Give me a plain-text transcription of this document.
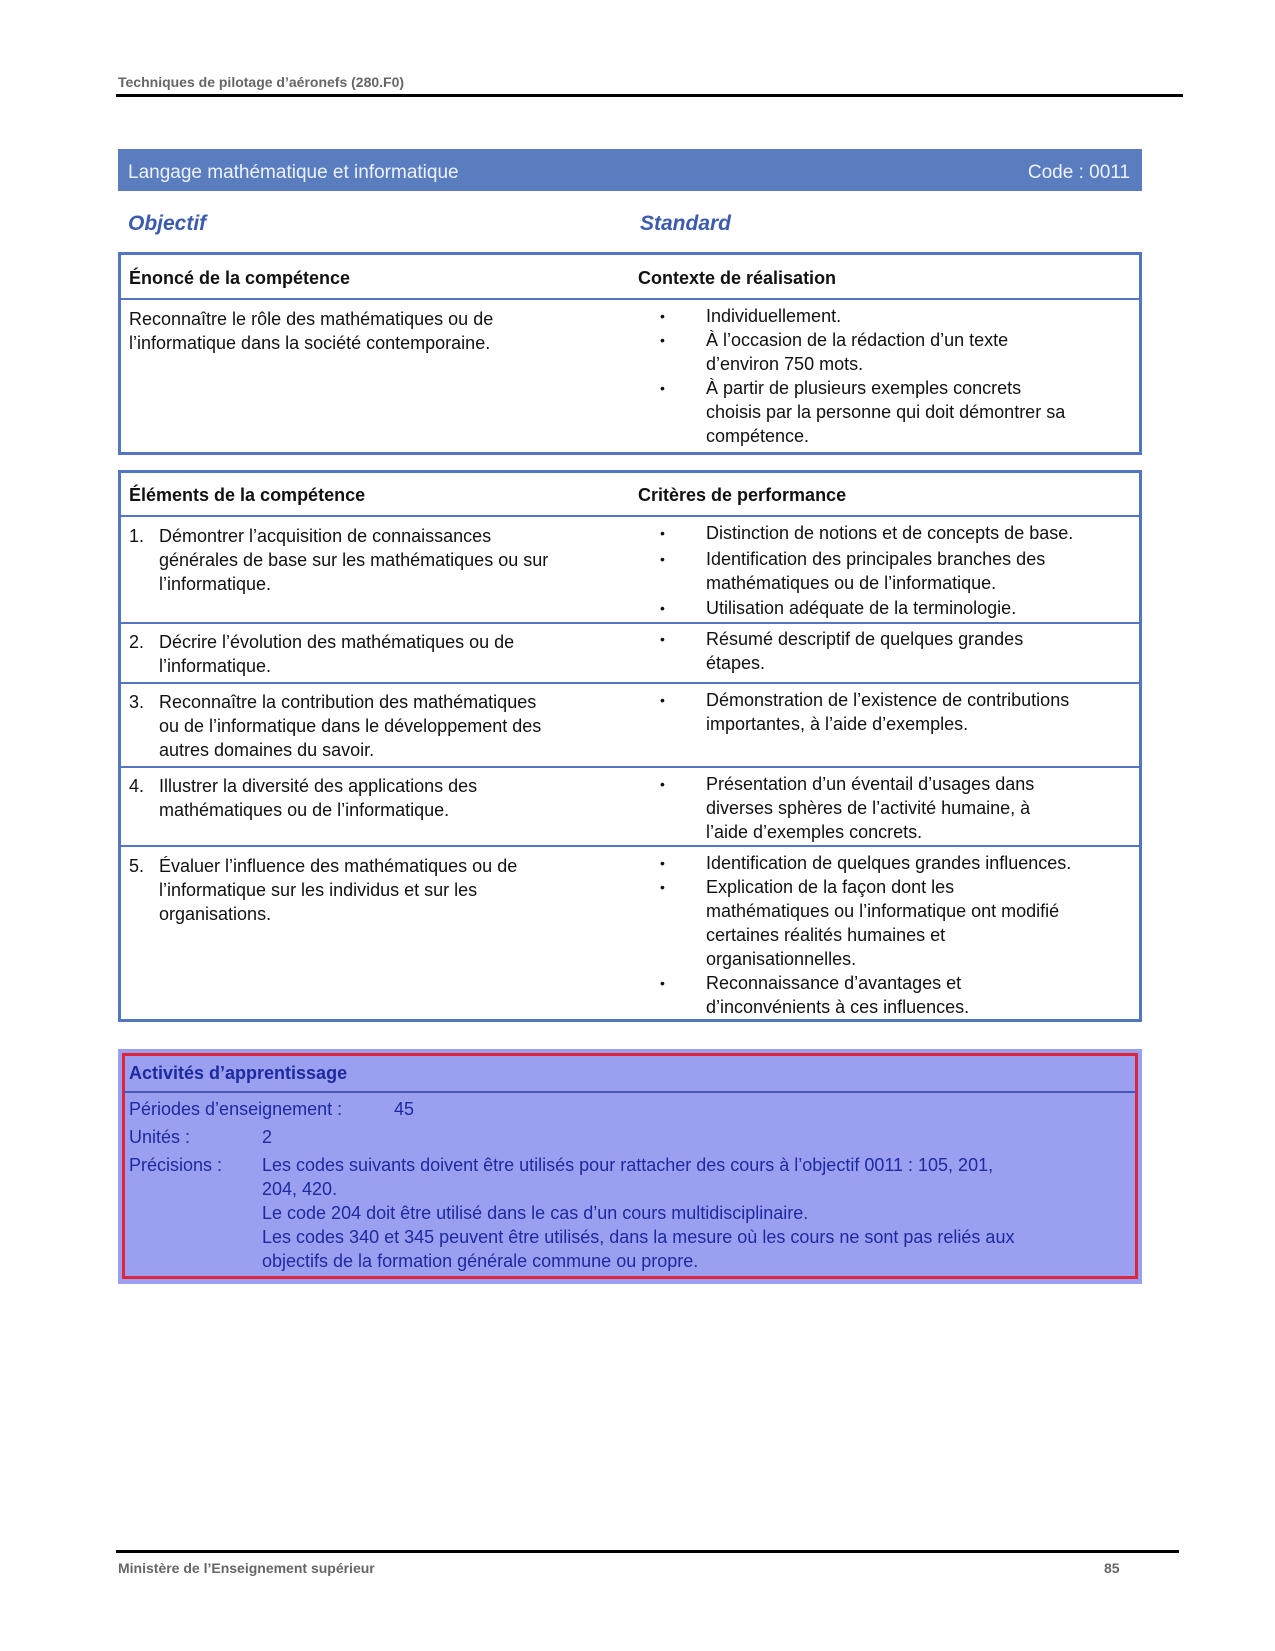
Techniques de pilotage d’aéronefs (280.F0)
Langage mathématique et informatique	Code : 0011
Objectif	Standard
Énoncé de la compétence	Contexte de réalisation
Reconnaître le rôle des mathématiques ou de
l’informatique dans la société contemporaine.
• Individuellement.
• À l’occasion de la rédaction d’un texte
d’environ 750 mots.
• À partir de plusieurs exemples concrets
choisis par la personne qui doit démontrer sa
compétence.
Éléments de la compétence	Critères de performance
1. Démontrer l’acquisition de connaissances
générales de base sur les mathématiques ou sur
l’informatique.
• Distinction de notions et de concepts de base.
• Identification des principales branches des
mathématiques ou de l’informatique.
• Utilisation adéquate de la terminologie.
2. Décrire l’évolution des mathématiques ou de
l’informatique.
• Résumé descriptif de quelques grandes
étapes.
3. Reconnaître la contribution des mathématiques
ou de l’informatique dans le développement des
autres domaines du savoir.
• Démonstration de l’existence de contributions
importantes, à l’aide d’exemples.
4. Illustrer la diversité des applications des
mathématiques ou de l’informatique.
• Présentation d’un éventail d’usages dans
diverses sphères de l’activité humaine, à
l’aide d’exemples concrets.
5. Évaluer l’influence des mathématiques ou de
l’informatique sur les individus et sur les
organisations.
• Identification de quelques grandes influences.
• Explication de la façon dont les
mathématiques ou l’informatique ont modifié
certaines réalités humaines et
organisationnelles.
• Reconnaissance d’avantages et
d’inconvénients à ces influences.
Activités d’apprentissage
Périodes d’enseignement :	45
Unités :	2
Précisions : Les codes suivants doivent être utilisés pour rattacher des cours à l’objectif 0011 : 105, 201,
204, 420.
Le code 204 doit être utilisé dans le cas d’un cours multidisciplinaire.
Les codes 340 et 345 peuvent être utilisés, dans la mesure où les cours ne sont pas reliés aux
objectifs de la formation générale commune ou propre.
Ministère de l’Enseignement supérieur	85
